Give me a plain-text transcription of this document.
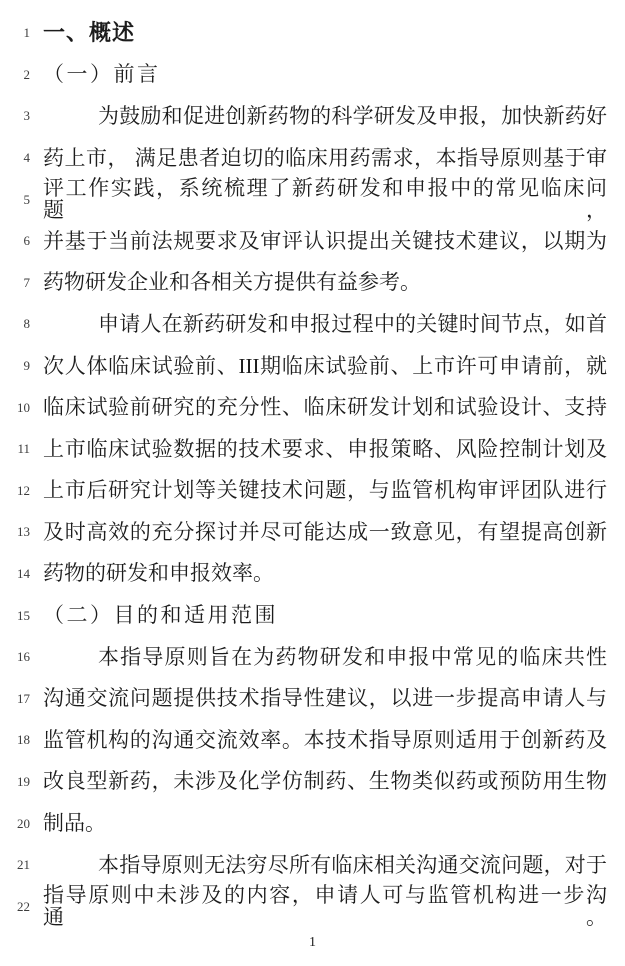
1 一、概述
2 （一）前言
3	为鼓励和促进创新药物的科学研发及申报，加快新药好
4 药上市， 满足患者迫切的临床用药需求，本指导原则基于审
5 评工作实践，系统梳理了新药研发和申报中的常见临床问题，
6 并基于当前法规要求及审评认识提出关键技术建议，以期为
7 药物研发企业和各相关方提供有益参考。
8	申请人在新药研发和申报过程中的关键时间节点，如首
9 次人体临床试验前、III期临床试验前、上市许可申请前，就
10 临床试验前研究的充分性、临床研发计划和试验设计、支持
11 上市临床试验数据的技术要求、申报策略、风险控制计划及
12 上市后研究计划等关键技术问题，与监管机构审评团队进行
13 及时高效的充分探讨并尽可能达成一致意见，有望提高创新
14 药物的研发和申报效率。
15 （二）目的和适用范围
16	本指导原则旨在为药物研发和申报中常见的临床共性
17 沟通交流问题提供技术指导性建议，以进一步提高申请人与
18 监管机构的沟通交流效率。本技术指导原则适用于创新药及
19 改良型新药，未涉及化学仿制药、生物类似药或预防用生物
20 制品。
21	本指导原则无法穷尽所有临床相关沟通交流问题，对于
22 指导原则中未涉及的内容，申请人可与监管机构进一步沟通。
1
